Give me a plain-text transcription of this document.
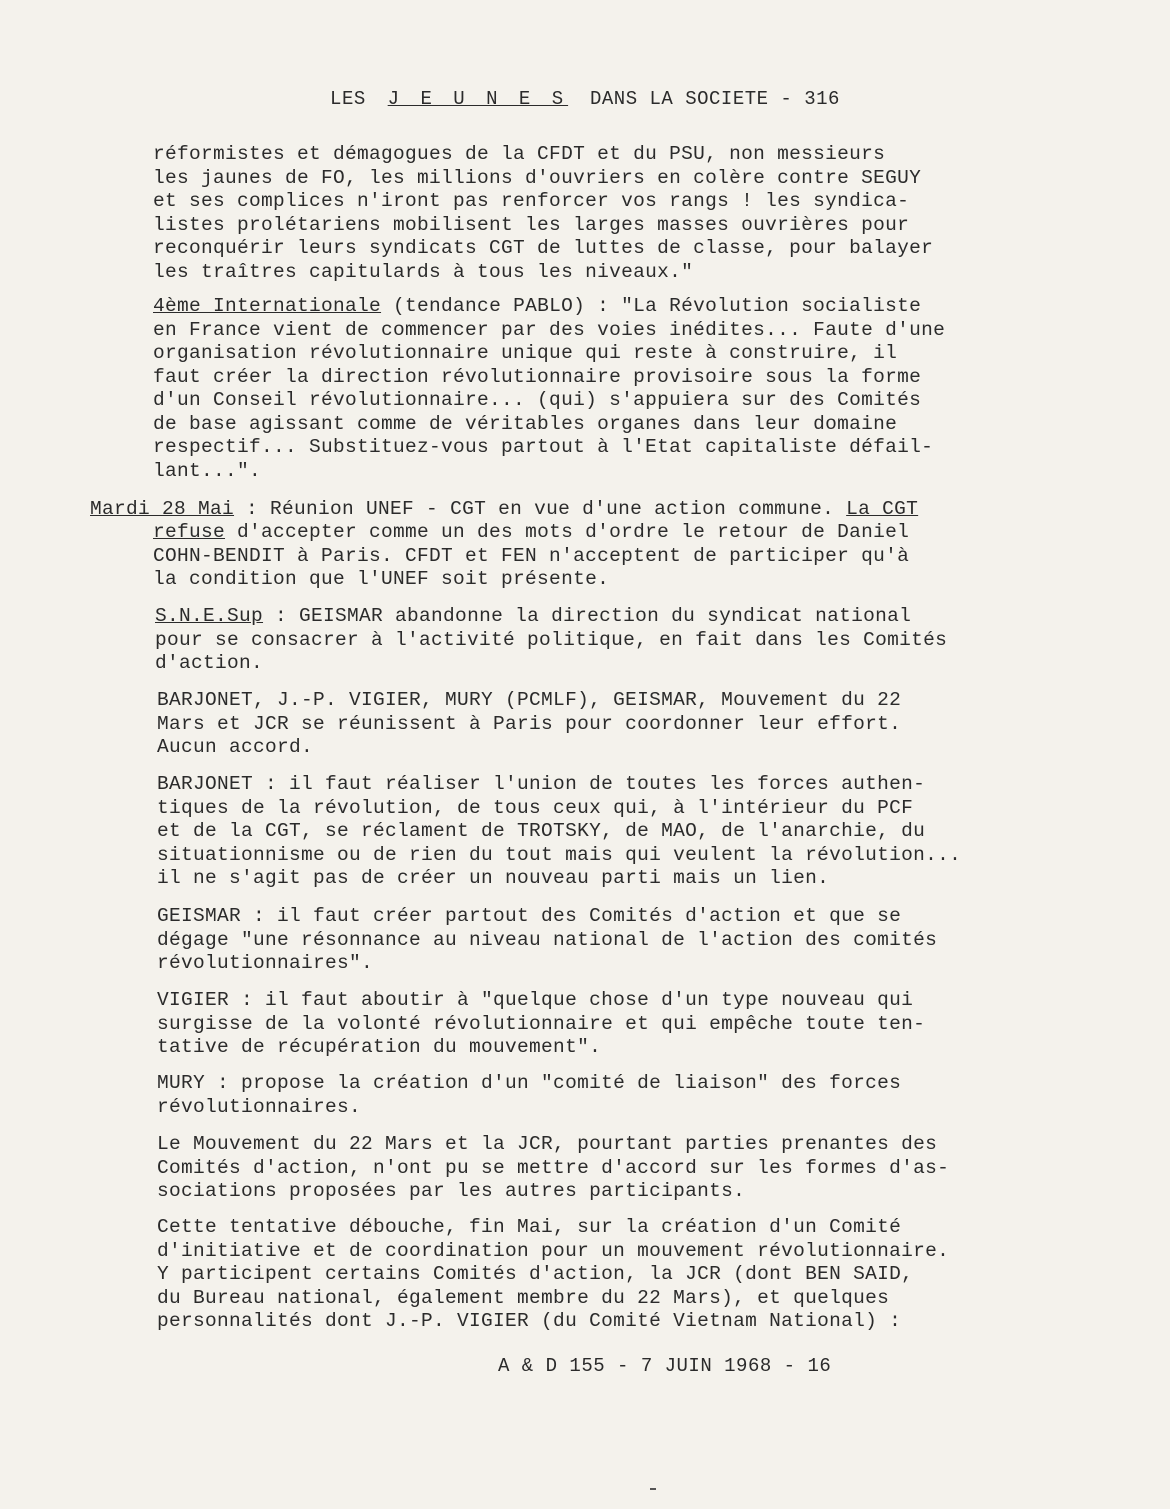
LES J E U N E S DANS LA SOCIETE - 316
réformistes et démagogues de la CFDT et du PSU, non messieurs
les jaunes de FO, les millions d'ouvriers en colère contre SEGUY
et ses complices n'iront pas renforcer vos rangs ! les syndica-
listes prolétariens mobilisent les larges masses ouvrières pour
reconquérir leurs syndicats CGT de luttes de classe, pour balayer
les traîtres capitulards à tous les niveaux."
4ème Internationale (tendance PABLO) : "La Révolution socialiste
en France vient de commencer par des voies inédites... Faute d'une
organisation révolutionnaire unique qui reste à construire, il
faut créer la direction révolutionnaire provisoire sous la forme
d'un Conseil révolutionnaire... (qui) s'appuiera sur des Comités
de base agissant comme de véritables organes dans leur domaine
respectif... Substituez-vous partout à l'Etat capitaliste défail-
lant...".
Mardi 28 Mai : Réunion UNEF - CGT en vue d'une action commune. La CGT
refuse d'accepter comme un des mots d'ordre le retour de Daniel
COHN-BENDIT à Paris. CFDT et FEN n'acceptent de participer qu'à
la condition que l'UNEF soit présente.
S.N.E.Sup : GEISMAR abandonne la direction du syndicat national
pour se consacrer à l'activité politique, en fait dans les Comités
d'action.
BARJONET, J.-P. VIGIER, MURY (PCMLF), GEISMAR, Mouvement du 22
Mars et JCR se réunissent à Paris pour coordonner leur effort.
Aucun accord.
BARJONET : il faut réaliser l'union de toutes les forces authen-
tiques de la révolution, de tous ceux qui, à l'intérieur du PCF
et de la CGT, se réclament de TROTSKY, de MAO, de l'anarchie, du
situationnisme ou de rien du tout mais qui veulent la révolution...
il ne s'agit pas de créer un nouveau parti mais un lien.
GEISMAR : il faut créer partout des Comités d'action et que se
dégage "une résonnance au niveau national de l'action des comités
révolutionnaires".
VIGIER : il faut aboutir à "quelque chose d'un type nouveau qui
surgisse de la volonté révolutionnaire et qui empêche toute ten-
tative de récupération du mouvement".
MURY : propose la création d'un "comité de liaison" des forces
révolutionnaires.
Le Mouvement du 22 Mars et la JCR, pourtant parties prenantes des
Comités d'action, n'ont pu se mettre d'accord sur les formes d'as-
sociations proposées par les autres participants.
Cette tentative débouche, fin Mai, sur la création d'un Comité
d'initiative et de coordination pour un mouvement révolutionnaire.
Y participent certains Comités d'action, la JCR (dont BEN SAID,
du Bureau national, également membre du 22 Mars), et quelques
personnalités dont J.-P. VIGIER (du Comité Vietnam National) :
A & D 155 - 7 JUIN 1968 - 16
